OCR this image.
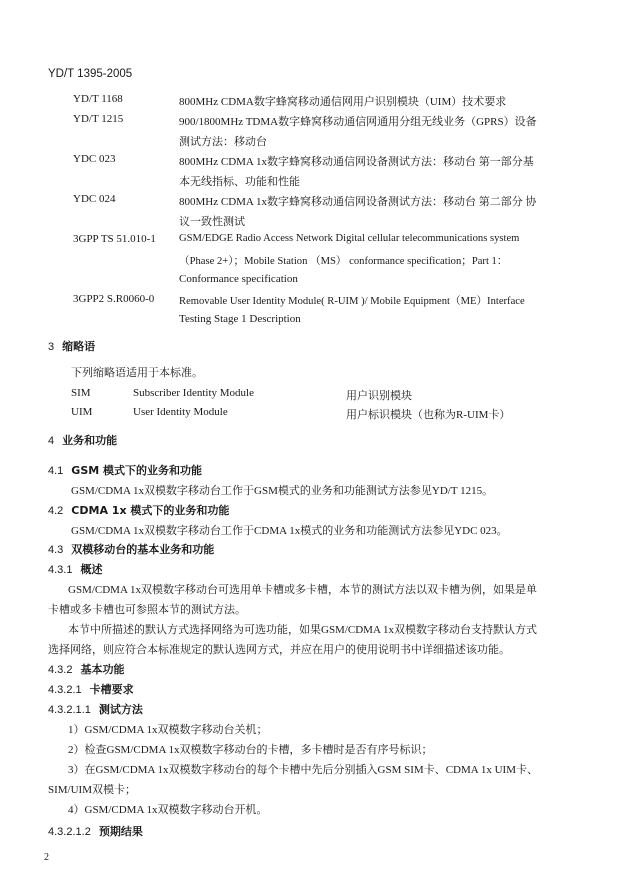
YD/T 1395-2005
YD/T 1168	800MHz CDMA数字蜂窝移动通信网用户识别模块（UIM）技术要求
YD/T 1215	900/1800MHz TDMA数字蜂窝移动通信网通用分组无线业务（GPRS）设备
测试方法：移动台
YDC 023	800MHz CDMA 1x数字蜂窝移动通信网设备测试方法：移动台 第一部分基
本无线指标、功能和性能
YDC 024	800MHz CDMA 1x数字蜂窝移动通信网设备测试方法：移动台 第二部分 协
议一致性测试
3GPP TS 51.010-1 GSM/EDGE Radio Access Network Digital cellular telecommunications system
（Phase 2+）；Mobile Station （MS） conformance specification；Part 1：
Conformance specification
3GPP2 S.R0060-0 Removable User Identity Module( R-UIM )/ Mobile Equipment（ME）Interface
Testing Stage 1 Description
3 缩略语
下列缩略语适用于本标准。
SIM	Subscriber Identity Module	用户识别模块
UIM	User Identity Module	用户标识模块（也称为R-UIM卡）
4 业务和功能
4.1 GSM 模式下的业务和功能
GSM/CDMA 1x双模数字移动台工作于GSM模式的业务和功能测试方法参见YD/T 1215。
4.2 CDMA 1x 模式下的业务和功能
GSM/CDMA 1x双模数字移动台工作于CDMA 1x模式的业务和功能测试方法参见YDC 023。
4.3 双模移动台的基本业务和功能
4.3.1 概述
GSM/CDMA 1x双模数字移动台可选用单卡槽或多卡槽，本节的测试方法以双卡槽为例，如果是单
卡槽或多卡槽也可参照本节的测试方法。
本节中所描述的默认方式选择网络为可选功能，如果GSM/CDMA 1x双模数字移动台支持默认方式
选择网络，则应符合本标准规定的默认选网方式，并应在用户的使用说明书中详细描述该功能。
4.3.2 基本功能
4.3.2.1 卡槽要求
4.3.2.1.1 测试方法
1）GSM/CDMA 1x双模数字移动台关机；
2）检查GSM/CDMA 1x双模数字移动台的卡槽，多卡槽时是否有序号标识；
3）在GSM/CDMA 1x双模数字移动台的每个卡槽中先后分别插入GSM SIM卡、CDMA 1x UIM卡、
SIM/UIM双模卡；
4）GSM/CDMA 1x双模数字移动台开机。
4.3.2.1.2 预期结果
2
